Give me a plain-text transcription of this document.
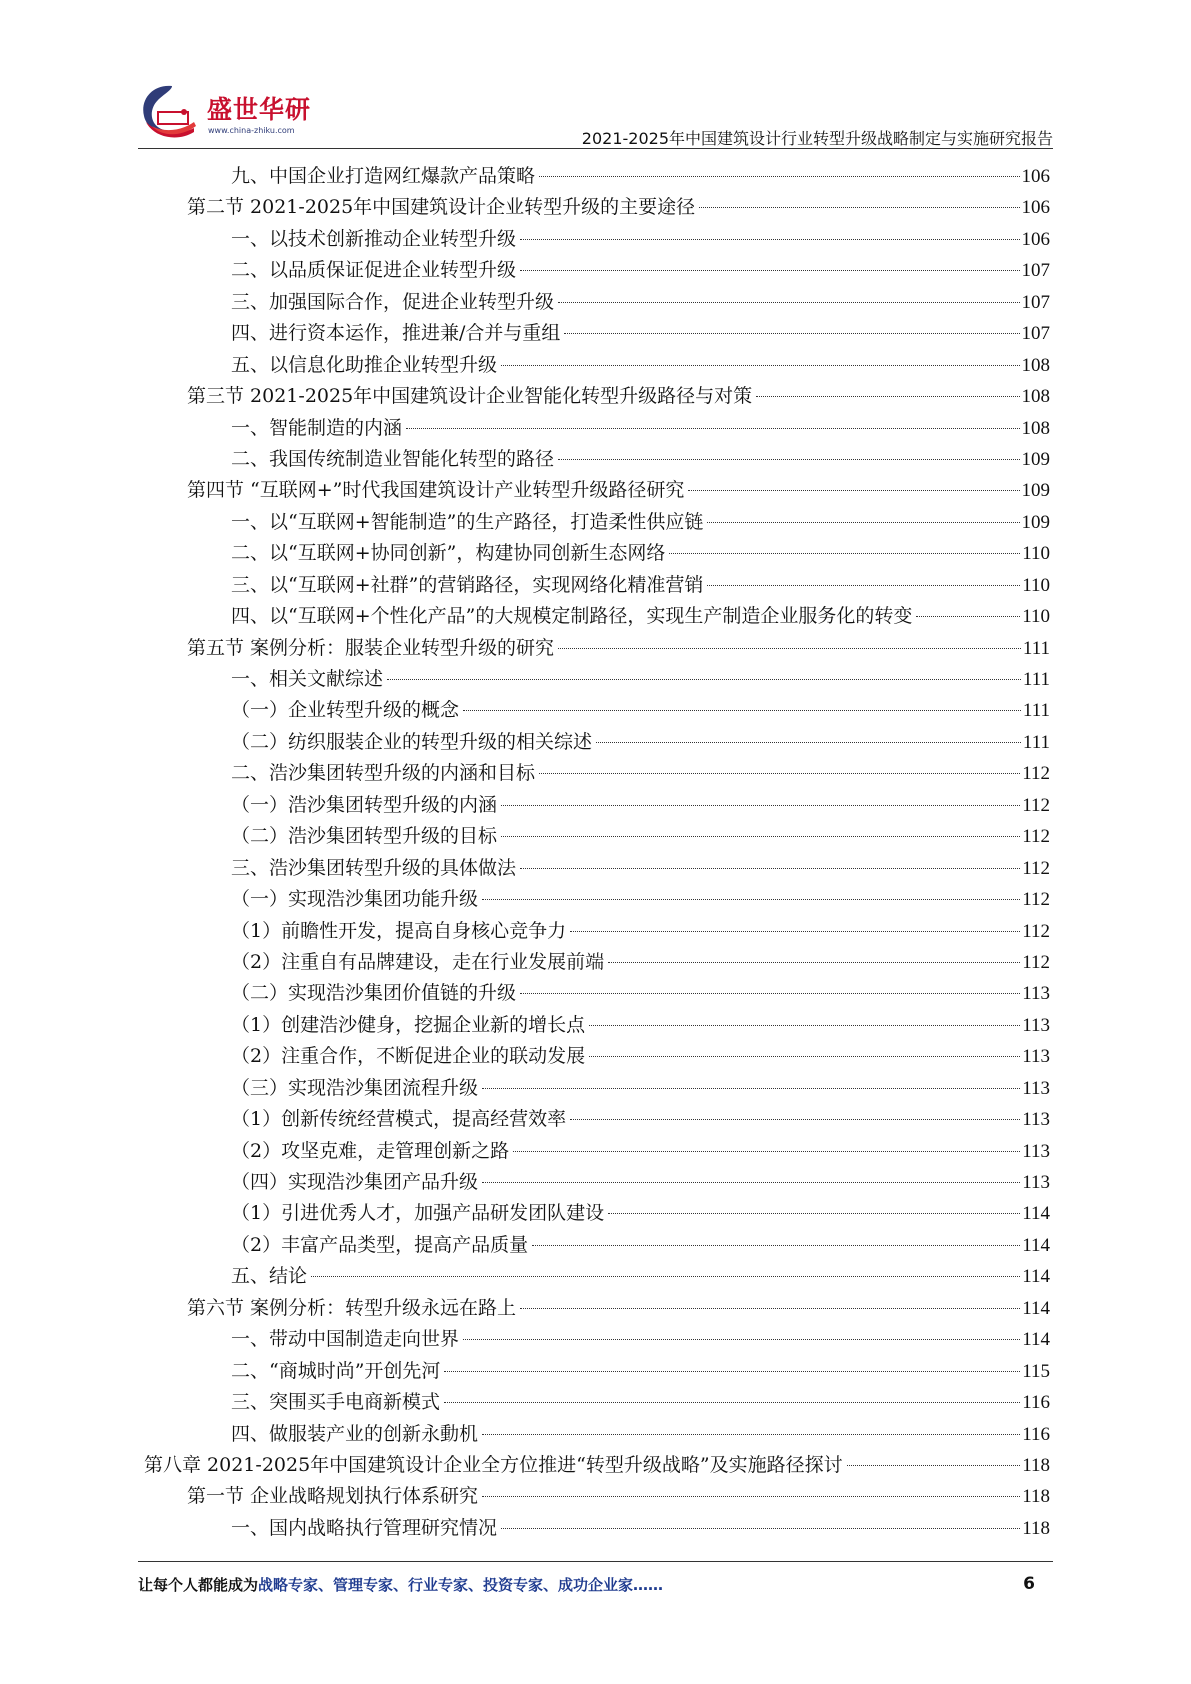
盛世华研
www.china-zhiku.com	2021-2025年中国建筑设计行业转型升级战略制定与实施研究报告
九、中国企业打造网红爆款产品策略	106
第二节 2021-2025年中国建筑设计企业转型升级的主要途径	106
一、以技术创新推动企业转型升级	106
二、以品质保证促进企业转型升级	107
三、加强国际合作，促进企业转型升级	107
四、进行资本运作，推进兼/合并与重组	107
五、以信息化助推企业转型升级	108
第三节 2021-2025年中国建筑设计企业智能化转型升级路径与对策	108
一、智能制造的内涵	108
二、我国传统制造业智能化转型的路径	109
第四节 “互联网+”时代我国建筑设计产业转型升级路径研究	109
一、以“互联网+智能制造”的生产路径，打造柔性供应链	109
二、以“互联网+协同创新”，构建协同创新生态网络	110
三、以“互联网+社群”的营销路径，实现网络化精准营销	110
四、以“互联网+个性化产品”的大规模定制路径，实现生产制造企业服务化的转变	110
第五节 案例分析：服装企业转型升级的研究	111
一、相关文献综述	111
（一）企业转型升级的概念	111
（二）纺织服装企业的转型升级的相关综述	111
二、浩沙集团转型升级的内涵和目标	112
（一）浩沙集团转型升级的内涵	112
（二）浩沙集团转型升级的目标	112
三、浩沙集团转型升级的具体做法	112
（一）实现浩沙集团功能升级	112
（1）前瞻性开发，提高自身核心竞争力	112
（2）注重自有品牌建设，走在行业发展前端	112
（二）实现浩沙集团价值链的升级	113
（1）创建浩沙健身，挖掘企业新的增长点	113
（2）注重合作，不断促进企业的联动发展	113
（三）实现浩沙集团流程升级	113
（1）创新传统经营模式，提高经营效率	113
（2）攻坚克难，走管理创新之路	113
（四）实现浩沙集团产品升级	113
（1）引进优秀人才，加强产品研发团队建设	114
（2）丰富产品类型，提高产品质量	114
五、结论	114
第六节 案例分析：转型升级永远在路上	114
一、带动中国制造走向世界	114
二、“商城时尚”开创先河	115
三、突围买手电商新模式	116
四、做服装产业的创新永動机	116
第八章 2021-2025年中国建筑设计企业全方位推进“转型升级战略”及实施路径探讨	118
第一节 企业战略规划执行体系研究	118
一、国内战略执行管理研究情况	118
让每个人都能成为战略专家、管理专家、行业专家、投资专家、成功企业家……	6
